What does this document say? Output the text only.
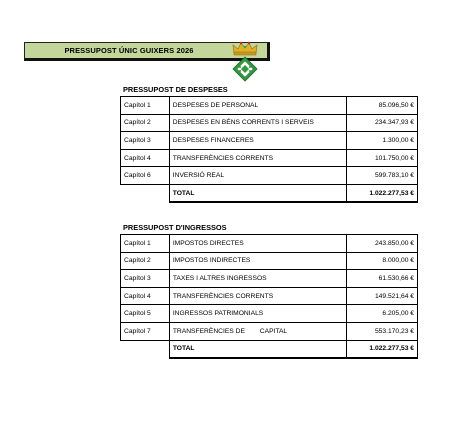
PRESSUPOST ÚNIC GUIXERS 2026
PRESSUPOST DE DESPESES
Capítol 1	DESPESES DE PERSONAL	85.096,50 €
Capítol 2	DESPESES EN BÉNS CORRENTS I SERVEIS	234.347,93 €
Capítol 3	DESPESES FINANCERES	1.300,00 €
Capítol 4	TRANSFERÈNCIES CORRENTS	101.750,00 €
Capítol 6	INVERSIÓ REAL	599.783,10 €
	TOTAL	1.022.277,53 €
PRESSUPOST D'INGRESSOS
Capítol 1	IMPOSTOS DIRECTES	243.850,00 €
Capítol 2	IMPOSTOS INDIRECTES	8.000,00 €
Capítol 3	TAXES I ALTRES INGRESSOS	61.530,66 €
Capítol 4	TRANSFERÈNCIES CORRENTS	149.521,64 €
Capítol 5	INGRESSOS PATRIMONIALS	6.205,00 €
Capítol 7	TRANSFERÈNCIES DE        CAPITAL	553.170,23 €
	TOTAL	1.022.277,53 €
